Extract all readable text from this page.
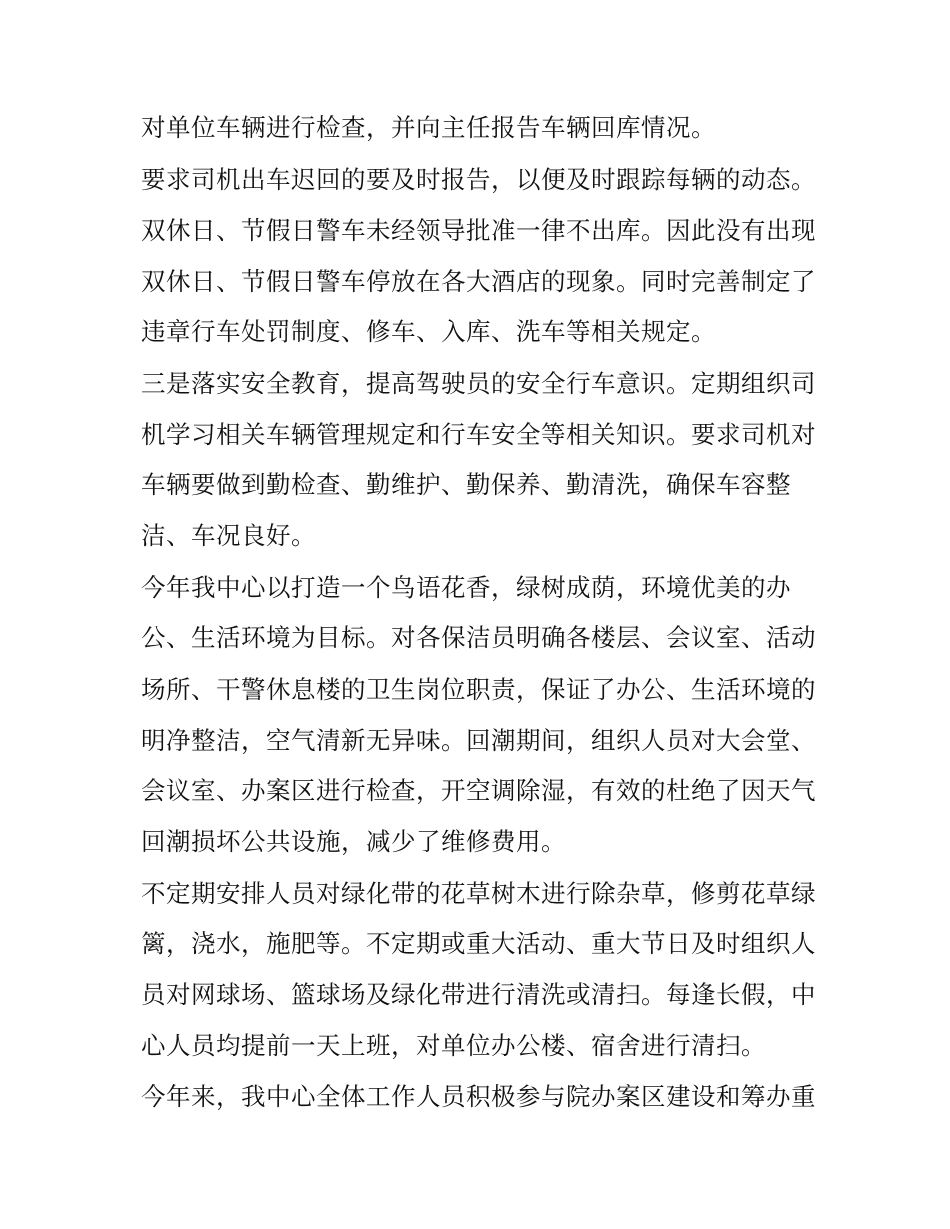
对单位车辆进行检查，并向主任报告车辆回库情况。
要求司机出车迟回的要及时报告，以便及时跟踪每辆的动态。
双休日、节假日警车未经领导批准一律不出库。因此没有出现
双休日、节假日警车停放在各大酒店的现象。同时完善制定了
违章行车处罚制度、修车、入库、洗车等相关规定。
三是落实安全教育，提高驾驶员的安全行车意识。定期组织司
机学习相关车辆管理规定和行车安全等相关知识。要求司机对
车辆要做到勤检查、勤维护、勤保养、勤清洗，确保车容整
洁、车况良好。
今年我中心以打造一个鸟语花香，绿树成荫，环境优美的办
公、生活环境为目标。对各保洁员明确各楼层、会议室、活动
场所、干警休息楼的卫生岗位职责，保证了办公、生活环境的
明净整洁，空气清新无异味。回潮期间，组织人员对大会堂、
会议室、办案区进行检查，开空调除湿，有效的杜绝了因天气
回潮损坏公共设施，减少了维修费用。
不定期安排人员对绿化带的花草树木进行除杂草，修剪花草绿
篱，浇水，施肥等。不定期或重大活动、重大节日及时组织人
员对网球场、篮球场及绿化带进行清洗或清扫。每逢长假，中
心人员均提前一天上班，对单位办公楼、宿舍进行清扫。
今年来，我中心全体工作人员积极参与院办案区建设和筹办重
